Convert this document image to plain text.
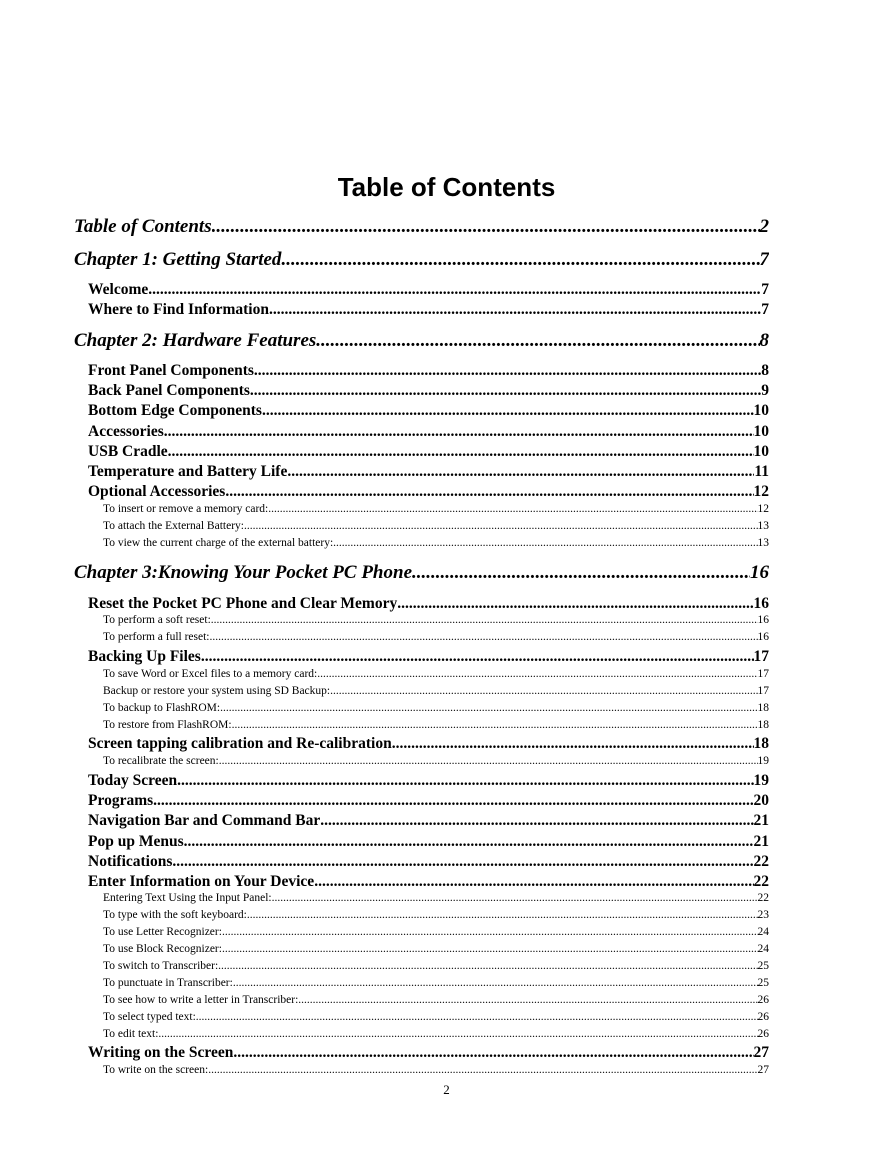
Table of Contents
Table of Contents .....	2
Chapter 1: Getting Started .....	7
Welcome .....	7
Where to Find Information .....	7
Chapter 2: Hardware Features .....	8
Front Panel Components .....	8
Back Panel Components .....	9
Bottom Edge Components .....	10
Accessories .....	10
USB Cradle .....	10
Temperature and Battery Life .....	11
Optional Accessories .....	12
To insert or remove a memory card: .....	12
To attach the External Battery: .....	13
To view the current charge of the external battery: .....	13
Chapter 3:Knowing Your Pocket PC Phone .....	16
Reset the Pocket PC Phone and Clear Memory .....	16
To perform a soft reset: .....	16
To perform a full reset: .....	16
Backing Up Files .....	17
To save Word or Excel files to a memory card: .....	17
Backup or restore your system using SD Backup: .....	17
To backup to FlashROM: .....	18
To restore from FlashROM: .....	18
Screen tapping calibration and Re-calibration .....	18
To recalibrate the screen: .....	19
Today Screen .....	19
Programs .....	20
Navigation Bar and Command Bar .....	21
Pop up Menus .....	21
Notifications .....	22
Enter Information on Your Device .....	22
Entering Text Using the Input Panel: .....	22
To type with the soft keyboard: .....	23
To use Letter Recognizer: .....	24
To use Block Recognizer: .....	24
To switch to Transcriber: .....	25
To punctuate in Transcriber: .....	25
To see how to write a letter in Transcriber: .....	26
To select typed text: .....	26
To edit text: .....	26
Writing on the Screen .....	27
To write on the screen: .....	27
2
